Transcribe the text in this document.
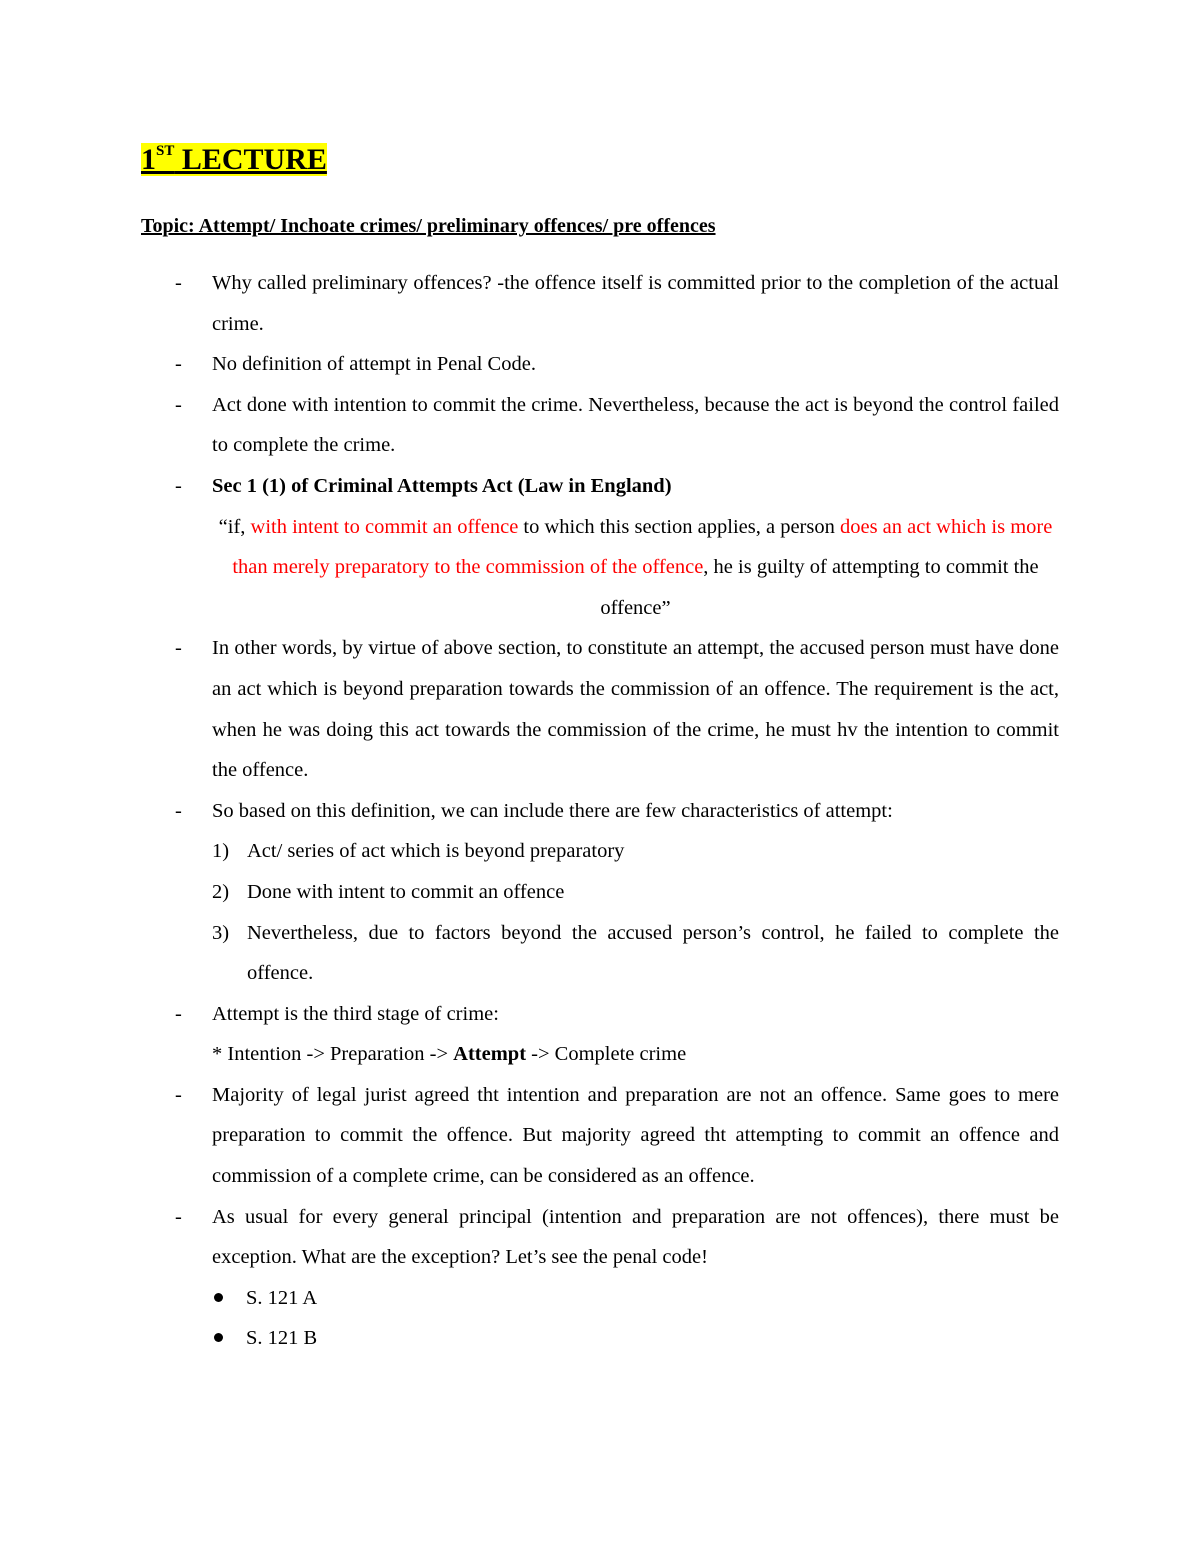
1ST LECTURE
Topic: Attempt/ Inchoate crimes/ preliminary offences/ pre offences
- Why called preliminary offences? -the offence itself is committed prior to the completion of the actual crime.
- No definition of attempt in Penal Code.
- Act done with intention to commit the crime. Nevertheless, because the act is beyond the control failed to complete the crime.
- Sec 1 (1) of Criminal Attempts Act (Law in England)
“if, with intent to commit an offence to which this section applies, a person does an act which is more than merely preparatory to the commission of the offence, he is guilty of attempting to commit the offence”
- In other words, by virtue of above section, to constitute an attempt, the accused person must have done an act which is beyond preparation towards the commission of an offence. The requirement is the act, when he was doing this act towards the commission of the crime, he must hv the intention to commit the offence.
- So based on this definition, we can include there are few characteristics of attempt:
1) Act/ series of act which is beyond preparatory
2) Done with intent to commit an offence
3) Nevertheless, due to factors beyond the accused person’s control, he failed to complete the offence.
- Attempt is the third stage of crime:
* Intention -> Preparation -> Attempt -> Complete crime
- Majority of legal jurist agreed tht intention and preparation are not an offence. Same goes to mere preparation to commit the offence. But majority agreed tht attempting to commit an offence and commission of a complete crime, can be considered as an offence.
- As usual for every general principal (intention and preparation are not offences), there must be exception. What are the exception? Let’s see the penal code!
S. 121 A
S. 121 B
